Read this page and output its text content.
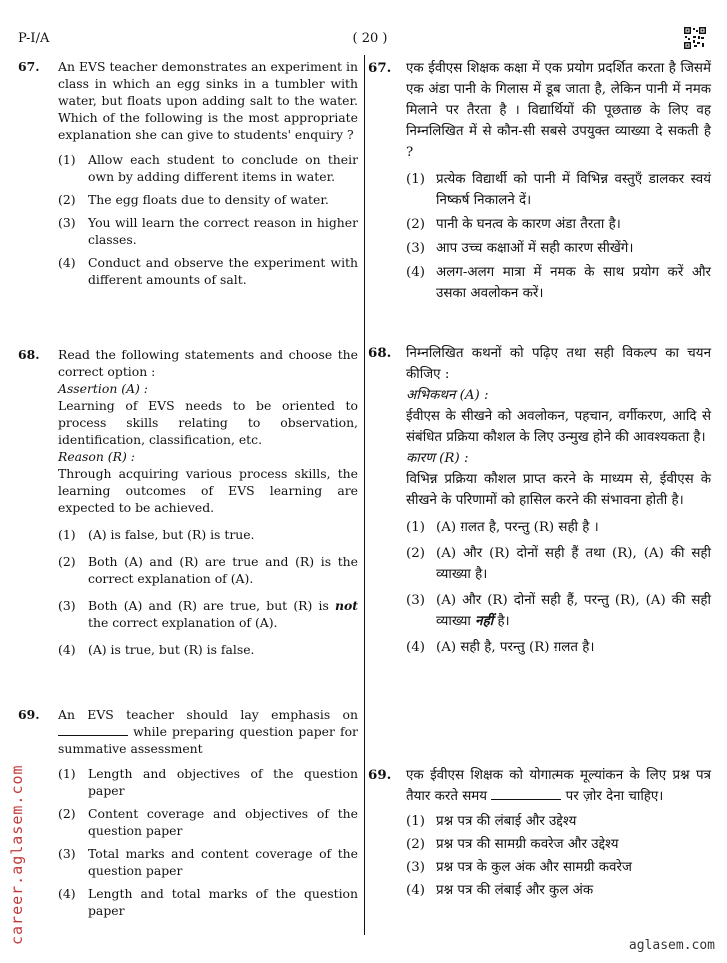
P-I/A	( 20 )
67. An EVS teacher demonstrates an experiment in class in which an egg sinks in a tumbler with water, but floats upon adding salt to the water. Which of the following is the most appropriate explanation she can give to students' enquiry ?

(1)	Allow each student to conclude on their own by adding different items in water.
(2)	The egg floats due to density of water.
(3)	You will learn the correct reason in higher classes.
(4)	Conduct and observe the experiment with different amounts of salt.
68. Read the following statements and choose the correct option :

Assertion (A) :

Learning of EVS needs to be oriented to process skills relating to observation, identification, classification, etc.

Reason (R) :

Through acquiring various process skills, the learning outcomes of EVS learning are expected to be achieved.

(1)	(A) is false, but (R) is true.
(2)	Both (A) and (R) are true and (R) is the correct explanation of (A).
(3)	Both (A) and (R) are true, but (R) is not the correct explanation of (A).
(4)	(A) is true, but (R) is false.
69. An EVS teacher should lay emphasis on  while preparing question paper for summative assessment

(1)	Length and objectives of the question paper
(2)	Content coverage and objectives of the question paper
(3)	Total marks and content coverage of the question paper
(4)	Length and total marks of the question paper
67. एक ईवीएस शिक्षक कक्षा में एक प्रयोग प्रदर्शित करता है जिसमें एक अंडा पानी के गिलास में डूब जाता है, लेकिन पानी में नमक मिलाने पर तैरता है । विद्यार्थियों की पूछताछ के लिए वह निम्नलिखित में से कौन-सी सबसे उपयुक्त व्याख्या दे सकती है ?

(1) प्रत्येक विद्यार्थी को पानी में विभिन्न वस्तुएँ डालकर स्वयं निष्कर्ष निकालने दें।
(2) पानी के घनत्व के कारण अंडा तैरता है।
(3) आप उच्च कक्षाओं में सही कारण सीखेंगे।
(4) अलग-अलग मात्रा में नमक के साथ प्रयोग करें और उसका अवलोकन करें।
68. निम्नलिखित कथनों को पढ़िए तथा सही विकल्प का चयन कीजिए :

अभिकथन (A) :

ईवीएस के सीखने को अवलोकन, पहचान, वर्गीकरण, आदि से संबंधित प्रक्रिया कौशल के लिए उन्मुख होने की आवश्यकता है।

कारण (R) :

विभिन्न प्रक्रिया कौशल प्राप्त करने के माध्यम से, ईवीएस के सीखने के परिणामों को हासिल करने की संभावना होती है।

(1) (A) ग़लत है, परन्तु (R) सही है ।
(2) (A) और (R) दोनों सही हैं तथा (R), (A) की सही व्याख्या है।
(3) (A) और (R) दोनों सही हैं, परन्तु (R), (A) की सही व्याख्या नहीं है।
(4) (A) सही है, परन्तु (R) ग़लत है।
69. एक ईवीएस शिक्षक को योगात्मक मूल्यांकन के लिए प्रश्न पत्र तैयार करते समय	पर ज़ोर देना चाहिए।

(1) प्रश्न पत्र की लंबाई और उद्देश्य
(2) प्रश्न पत्र की सामग्री कवरेज और उद्देश्य
(3) प्रश्न पत्र के कुल अंक और सामग्री कवरेज
(4) प्रश्न पत्र की लंबाई और कुल अंक
career.aglasem.com
aglasem.com
